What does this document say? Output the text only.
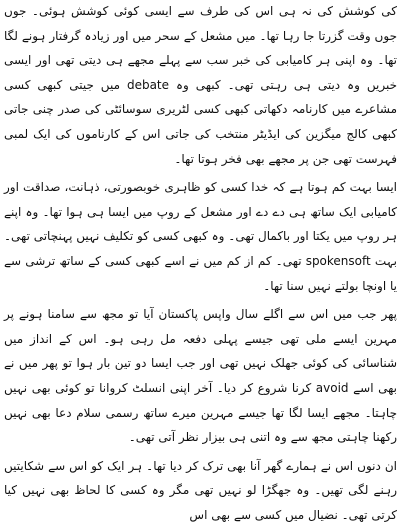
کی کوشش کی نہ ہی اس کی طرف سے ایسی کوئی کوشش ہوئی۔ جوں جوں وقت گزرتا جا رہا تھا۔ میں مشعل کے سحر میں اور زیادہ گرفتار ہونے لگا تھا۔ وہ اپنی ہر کامیابی کی خبر سب سے پہلے مجھے ہی دیتی تھی اور ایسی خبریں وہ دیتی ہی رہتی تھی۔ کبھی وہ debate میں جیتی کبھی کسی مشاعرے میں کارنامہ دکھاتی کبھی کسی لٹریری سوسائٹی کی صدر چنی جاتی کبھی کالج میگزین کی ایڈیٹر منتخب کی جاتی اس کے کارناموں کی ایک لمبی فہرست تھی جن پر مجھے بھی فخر ہوتا تھا۔

ایسا بہت کم ہوتا ہے کہ خدا کسی کو ظاہری خوبصورتی، ذہانت، صداقت اور کامیابی ایک ساتھ ہی دے دے اور مشعل کے روپ میں ایسا ہی ہوا تھا۔ وہ اپنے ہر روپ میں یکتا اور باکمال تھی۔ وہ کبھی کسی کو تکلیف نہیں پہنچاتی تھی۔ بہت spokensoft تھی۔ کم از کم میں نے اسے کبھی کسی کے ساتھ ترشی سے یا اونچا بولتے نہیں سنا تھا۔

پھر جب میں اس سے اگلے سال واپس پاکستان آیا تو مجھ سے سامنا ہونے پر مہرین ایسے ملی تھی جیسے پہلی دفعہ مل رہی ہو۔ اس کے انداز میں شناسائی کی کوئی جھلک نہیں تھی اور جب ایسا دو تین بار ہوا تو پھر میں نے بھی اسے avoid کرنا شروع کر دیا۔ آخر اپنی انسلٹ کروانا تو کوئی بھی نہیں چاہتا۔ مجھے ایسا لگا تھا جیسے مہرین میرے ساتھ رسمی سلام دعا بھی نہیں رکھنا چاہتی مجھ سے وہ اتنی ہی بیزار نظر آتی تھی۔

ان دنوں اس نے ہمارے گھر آنا بھی ترک کر دیا تھا۔ ہر ایک کو اس سے شکایتیں رہنے لگی تھیں۔ وہ جھگڑا لو نہیں تھی مگر وہ کسی کا لحاظ بھی نہیں کیا کرتی تھی۔ نضیال میں کسی سے بھی اس
